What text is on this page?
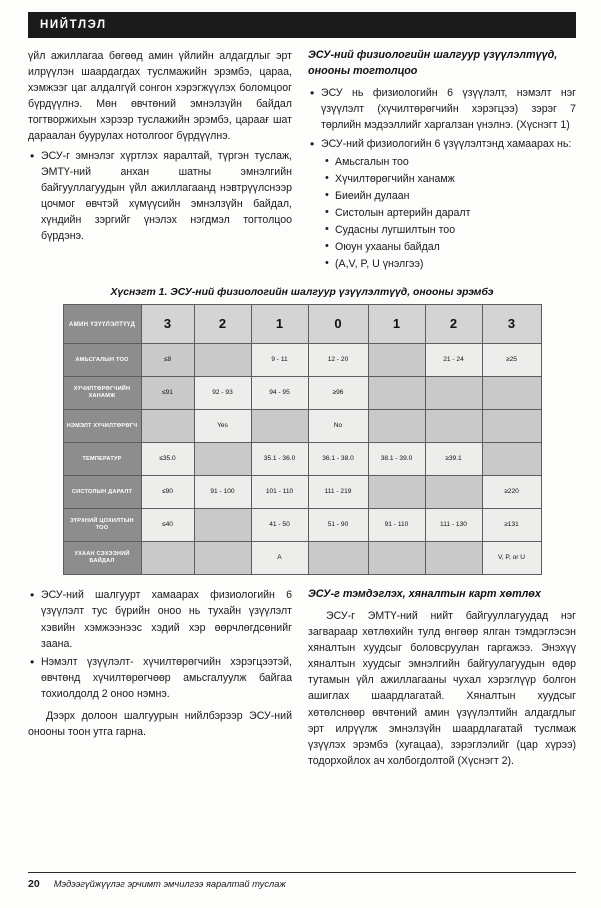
НИЙТЛЭЛ

үйл ажиллагаа бөгөөд амин үйлийн алдагдлыг эрт илрүүлэн шаардагдах туслмажийн эрэмбэ, цараа, хэмжээг цаг алдалгүй сонгон хэрэгжүүлэх боломцоог бүрдүүлнэ. Мөн өвчтөний эмнэлзүйн байдал тогтворжихын хэрээр туслажийн эрэмбэ, цараағ шат дараалан буурулах нотолгоог бүрдүүлнэ.

• ЭСУ-г эмнэлэг хүртлэх яаралтай, түргэн туслаж, ЭМТҮ-ний анхан шатны эмнэлгийн байгууллагуудын үйл ажиллагаанд нэвтрүүлснээр цочмог өвчтэй хүмүүсийн эмнэлзүйн байдал, хүндийн зэргийг үнэлэх нэгдмэл тогтолцоо бүрдэнэ.
ЭСУ-ний физиологийн шалгуур үзүүлэлтүүд, онооны тогтолцоо
• ЭСУ нь физиологийн 6 үзүүлэлт, нэмэлт нэг үзүүлэлт (хүчилтөрөгчийн хэрэгцээ) зэрэг 7 төрлийн мэдээллийг харгалзан үнэлнэ. (Хүснэгт 1)
• ЭСУ-ний физиологийн 6 үзүүлэлтэнд хамаарах нь:
• Амьсгалын тоо
• Хүчилтөрөгчийн ханамж
• Биеийн дулаан
• Систолын артерийн даралт
• Судасны лугшилтын тоо
• Оюун ухааны байдал
• (A,V, P, U үнэлгээ)
Хүснэгт 1. ЭСУ-ний физиологийн шалгуур үзүүлэлтүүд, онооны эрэмбэ
АМИН ҮЗҮҮЛЭЛТҮҮД	3	2	1	0	1	2	3
АМЬСГАЛЫН ТОО	≤8		9 - 11	12 - 20		21 - 24	≥25
ХҮЧИЛТӨРӨГЧИЙН ХАНАМЖ	≤91	92 - 93	94 - 95	≥96			
НЭМЭЛТ ХҮЧИЛТӨРӨГЧ		Yes		No			
ТЕМПЕРАТУР	≤35.0		35.1 - 36.0	36.1 - 38.0	38.1 - 39.0	≥39.1	
СИСТОЛЫН ДАРАЛТ	≤90	91 - 100	101 - 110	111 - 219			≥220
ЗҮРХНИЙ ЦОХИЛТЫН ТОО	≤40		41 - 50	51 - 90	91 - 110	111 - 130	≥131
УХААН СЭХЭЭНИЙ БАЙДАЛ			A				V, P, or U
• ЭСУ-ний шалгуурт хамаарах физиологийн 6 үзүүлэлт тус бүрийн оноо нь тухайн үзүүлэлт хэвийн хэмжээнээс хэдий хэр өөрчлөгдсөнийг заана.
• Нэмэлт үзүүлэлт- хүчилтөрөгчийн хэрэгцээтэй, өвчтөнд хүчилтөрөгчөөр амьсгалуулж байгаа тохиолдолд 2 оноо нэмнэ.

Дээрх долоон шалгуурын нийлбэрээр ЭСУ-ний онооны тоон утга гарна.

ЭСУ-г тэмдэглэх, хяналтын карт хөтлөх

ЭСУ-г ЭМТҮ-ний нийт байгууллагуудад нэг загвараар хөтлөхийн тулд өнгөөр ялган тэмдэглэсэн хяналтын хуудсыг боловсруулан гаргажээ. Энэхүү хяналтын хуудсыг эмнэлгийн байгуулагуудын өдөр тутамын үйл ажиллагааны чухал хэрэглүүр болгон ашиглах шаардлагатай. Хяналтын хуудсыг хөтөлснөөр өвчтөний амин үзүүлэлтийн алдагдлыг эрт илрүүлж эмнэлзүйн шаардлагатай туслмаж үзүүлэх эрэмбэ (хугацаа), зэрэглэлийг (цар хүрээ) тодорхойлох ач холбогдолтой (Хүснэгт 2).

20 Мэдээгүйжүүлэг эрчимт эмчилгээ яаралтай туслаж
